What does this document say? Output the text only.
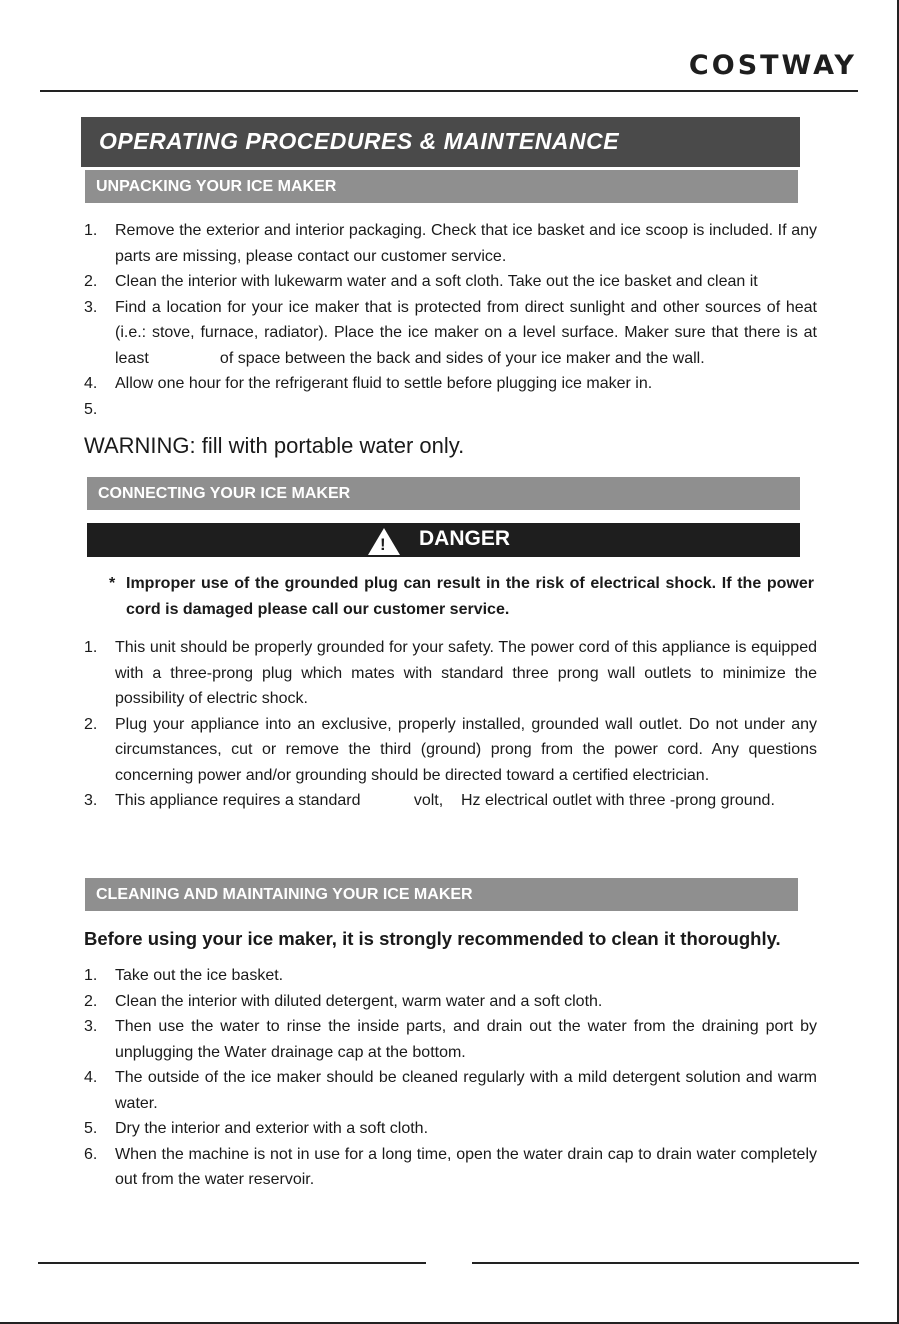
COSTWAY
OPERATING PROCEDURES & MAINTENANCE
UNPACKING YOUR ICE MAKER
1. Remove the exterior and interior packaging. Check that ice basket and ice scoop is included. If any parts are missing, please contact our customer service.
2. Clean the interior with lukewarm water and a soft cloth. Take out the ice basket and clean it
3. Find a location for your ice maker that is protected from direct sunlight and other sources of heat (i.e.: stove, furnace, radiator). Place the ice maker on a level surface. Maker sure that there is at least                of space between the back and sides of your ice maker and the wall.
4. Allow one hour for the refrigerant fluid to settle before plugging ice maker in.
5.
WARNING: fill with portable water only.
CONNECTING YOUR ICE MAKER
! DANGER
* Improper use of the grounded plug can result in the risk of electrical shock. If the power cord is damaged please call our customer service.
1. This unit should be properly grounded for your safety. The power cord of this appliance is equipped with a three-prong plug which mates with standard three prong wall outlets to minimize the possibility of electric shock.
2. Plug your appliance into an exclusive, properly installed, grounded wall outlet. Do not under any circumstances, cut or remove the third (ground) prong from the power cord. Any questions concerning power and/or grounding should be directed toward a certified electrician.
3. This appliance requires a standard            volt,    Hz electrical outlet with three -prong ground.
CLEANING AND MAINTAINING YOUR ICE MAKER
Before using your ice maker, it is strongly recommended to clean it thoroughly.
1. Take out the ice basket.
2. Clean the interior with diluted detergent, warm water and a soft cloth.
3. Then use the water to rinse the inside parts, and drain out the water from the draining port by unplugging the Water drainage cap at the bottom.
4. The outside of the ice maker should be cleaned regularly with a mild detergent solution and warm water.
5. Dry the interior and exterior with a soft cloth.
6. When the machine is not in use for a long time, open the water drain cap to drain water completely out from the water reservoir.
